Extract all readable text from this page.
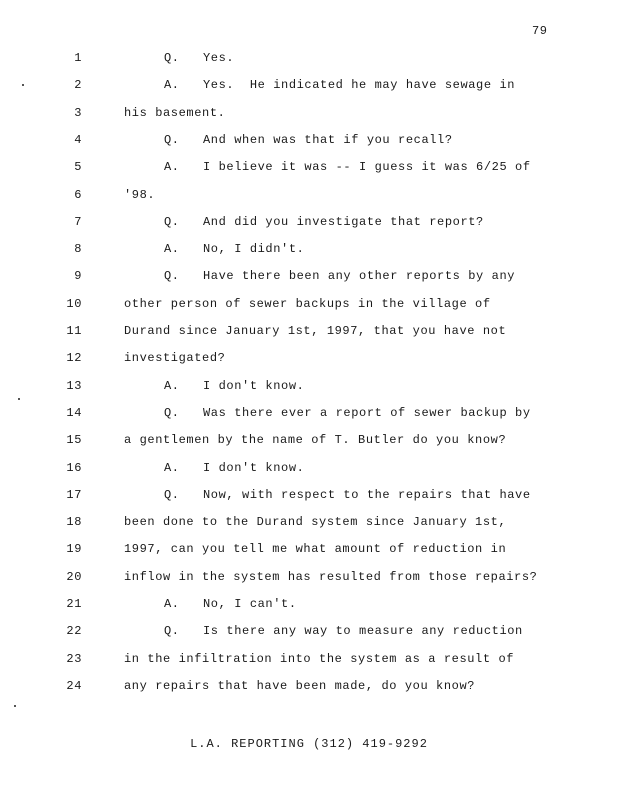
79
1	Q.   Yes.
2	A.   Yes.  He indicated he may have sewage in
3	his basement.
4	Q.   And when was that if you recall?
5	A.   I believe it was -- I guess it was 6/25 of
6	'98.
7	Q.   And did you investigate that report?
8	A.   No, I didn't.
9	Q.   Have there been any other reports by any
10	other person of sewer backups in the village of
11	Durand since January 1st, 1997, that you have not
12	investigated?
13	A.   I don't know.
14	Q.   Was there ever a report of sewer backup by
15	a gentlemen by the name of T. Butler do you know?
16	A.   I don't know.
17	Q.   Now, with respect to the repairs that have
18	been done to the Durand system since January 1st,
19	1997, can you tell me what amount of reduction in
20	inflow in the system has resulted from those repairs?
21	A.   No, I can't.
22	Q.   Is there any way to measure any reduction
23	in the infiltration into the system as a result of
24	any repairs that have been made, do you know?
L.A. REPORTING (312) 419-9292
